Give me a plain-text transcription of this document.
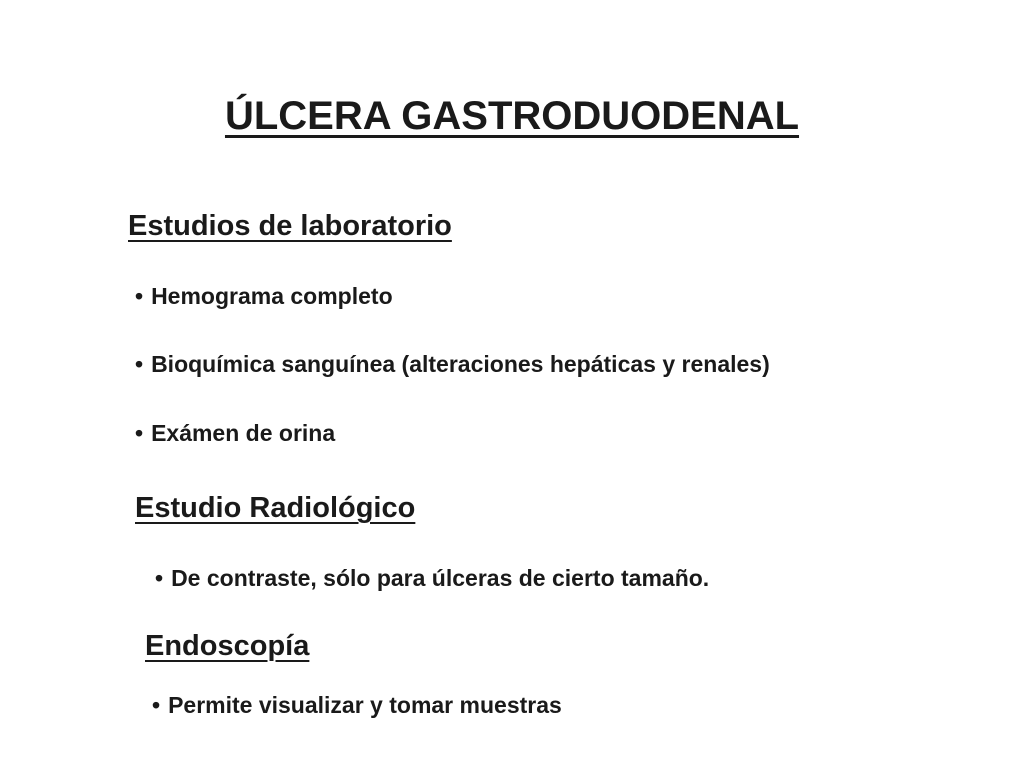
ÚLCERA GASTRODUODENAL
Estudios de laboratorio
• Hemograma completo
• Bioquímica sanguínea (alteraciones hepáticas y renales)
• Exámen de orina
Estudio Radiológico
• De contraste, sólo para úlceras de cierto tamaño.
Endoscopía
• Permite visualizar y tomar muestras
